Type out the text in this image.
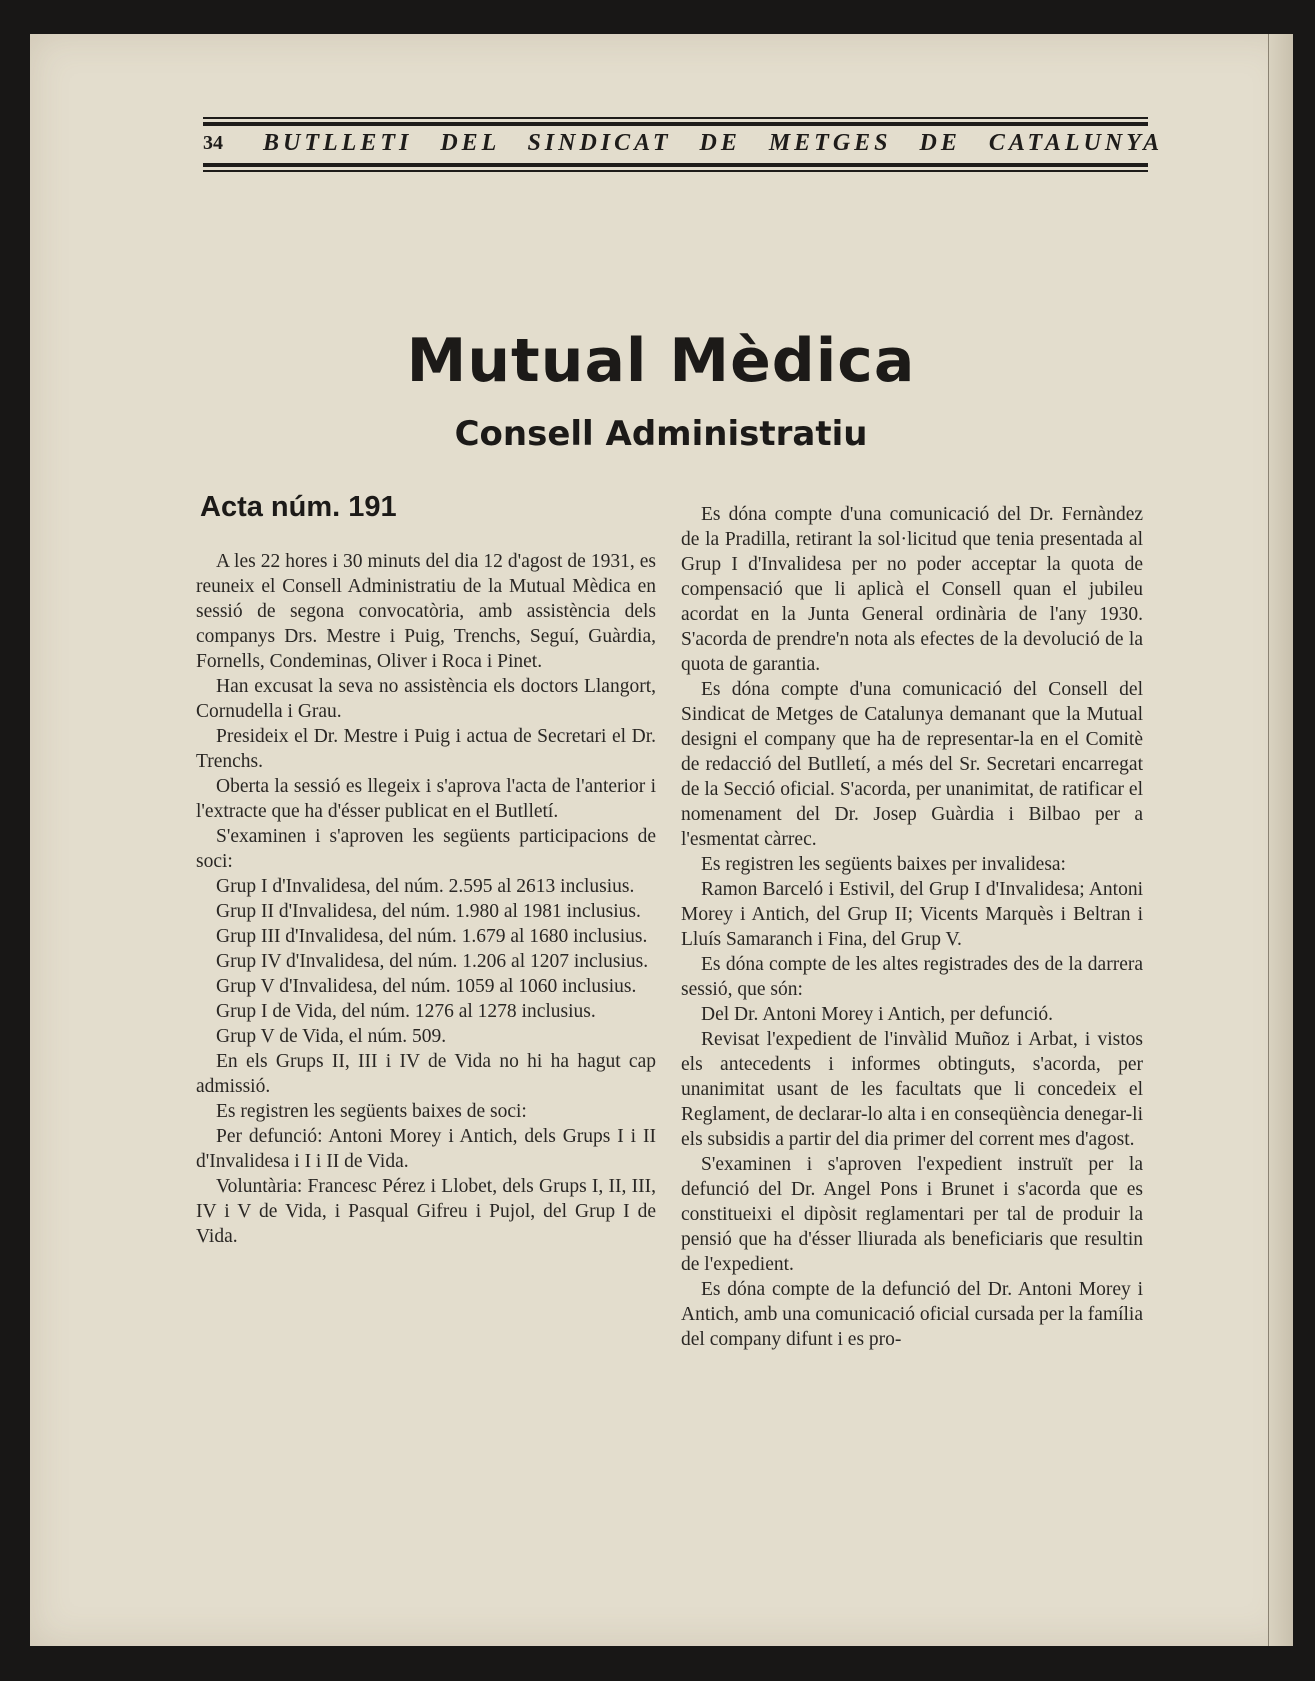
34 BUTLLETI DEL SINDICAT DE METGES DE CATALUNYA
Mutual Mèdica
Consell Administratiu
Acta núm. 191

A les 22 hores i 30 minuts del dia 12 d'agost de 1931, es reuneix el Consell Administratiu de la Mutual Mèdica en sessió de segona convocatòria, amb assistència dels companys Drs. Mestre i Puig, Trenchs, Seguí, Guàrdia, Fornells, Condeminas, Oliver i Roca i Pinet.

Han excusat la seva no assistència els doctors Llangort, Cornudella i Grau.

Presideix el Dr. Mestre i Puig i actua de Secretari el Dr. Trenchs.

Oberta la sessió es llegeix i s'aprova l'acta de l'anterior i l'extracte que ha d'ésser publicat en el Butlletí.

S'examinen i s'aproven les següents participacions de soci:

Grup I d'Invalidesa, del núm. 2.595 al 2613 inclusius.

Grup II d'Invalidesa, del núm. 1.980 al 1981 inclusius.

Grup III d'Invalidesa, del núm. 1.679 al 1680 inclusius.

Grup IV d'Invalidesa, del núm. 1.206 al 1207 inclusius.

Grup V d'Invalidesa, del núm. 1059 al 1060 inclusius.

Grup I de Vida, del núm. 1276 al 1278 inclusius.

Grup V de Vida, el núm. 509.

En els Grups II, III i IV de Vida no hi ha hagut cap admissió.

Es registren les següents baixes de soci:

Per defunció: Antoni Morey i Antich, dels Grups I i II d'Invalidesa i I i II de Vida.

Voluntària: Francesc Pérez i Llobet, dels Grups I, II, III, IV i V de Vida, i Pasqual Gifreu i Pujol, del Grup I de Vida.

Es dóna compte d'una comunicació del Dr. Fernàndez de la Pradilla, retirant la sol·licitud que tenia presentada al Grup I d'Invalidesa per no poder acceptar la quota de compensació que li aplicà el Consell quan el jubileu acordat en la Junta General ordinària de l'any 1930. S'acorda de prendre'n nota als efectes de la devolució de la quota de garantia.

Es dóna compte d'una comunicació del Consell del Sindicat de Metges de Catalunya demanant que la Mutual designi el company que ha de representar-la en el Comitè de redacció del Butlletí, a més del Sr. Secretari encarregat de la Secció oficial. S'acorda, per unanimitat, de ratificar el nomenament del Dr. Josep Guàrdia i Bilbao per a l'esmentat càrrec.

Es registren les següents baixes per invalidesa:

Ramon Barceló i Estivil, del Grup I d'Invalidesa; Antoni Morey i Antich, del Grup II; Vicents Marquès i Beltran i Lluís Samaranch i Fina, del Grup V.

Es dóna compte de les altes registrades des de la darrera sessió, que són:

Del Dr. Antoni Morey i Antich, per defunció.

Revisat l'expedient de l'invàlid Muñoz i Arbat, i vistos els antecedents i informes obtinguts, s'acorda, per unanimitat usant de les facultats que li concedeix el Reglament, de declarar-lo alta i en conseqüència denegar-li els subsidis a partir del dia primer del corrent mes d'agost.

S'examinen i s'aproven l'expedient instruït per la defunció del Dr. Angel Pons i Brunet i s'acorda que es constitueixi el dipòsit reglamentari per tal de produir la pensió que ha d'ésser lliurada als beneficiaris que resultin de l'expedient.

Es dóna compte de la defunció del Dr. Antoni Morey i Antich, amb una comunicació oficial cursada per la família del company difunt i es pro-
